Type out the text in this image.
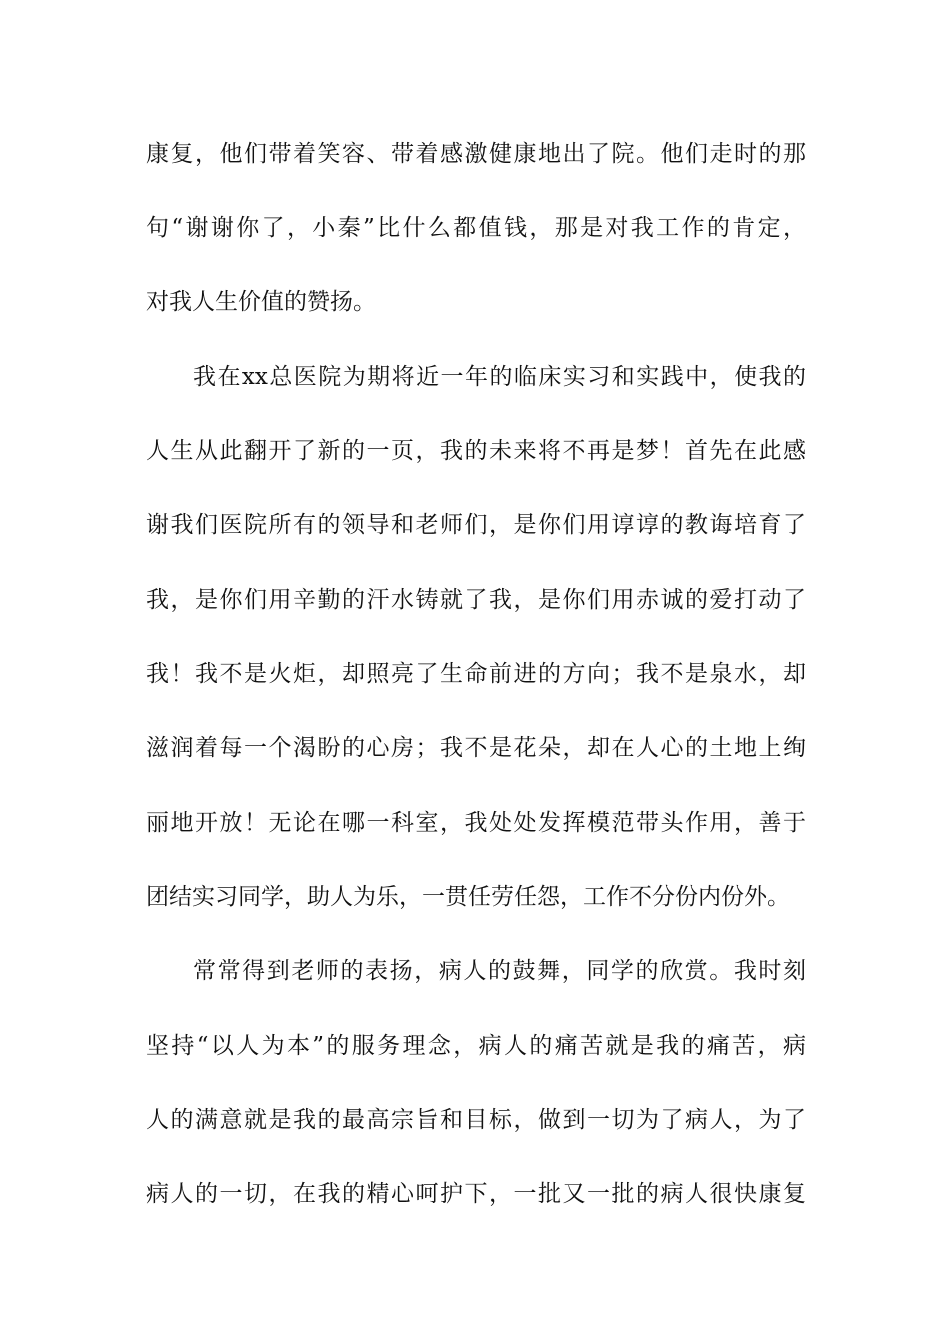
康复，他们带着笑容、带着感激健康地出了院。他们走时的那
句“谢谢你了，小秦”比什么都值钱，那是对我工作的肯定，
对我人生价值的赞扬。
我在xx总医院为期将近一年的临床实习和实践中，使我的
人生从此翻开了新的一页，我的未来将不再是梦！首先在此感
谢我们医院所有的领导和老师们，是你们用谆谆的教诲培育了
我，是你们用辛勤的汗水铸就了我，是你们用赤诚的爱打动了
我！我不是火炬，却照亮了生命前进的方向；我不是泉水，却
滋润着每一个渴盼的心房；我不是花朵，却在人心的土地上绚
丽地开放！无论在哪一科室，我处处发挥模范带头作用，善于
团结实习同学，助人为乐，一贯任劳任怨，工作不分份内份外。
常常得到老师的表扬，病人的鼓舞，同学的欣赏。我时刻
坚持“以人为本”的服务理念，病人的痛苦就是我的痛苦，病
人的满意就是我的最高宗旨和目标，做到一切为了病人，为了
病人的一切，在我的精心呵护下，一批又一批的病人很快康复
